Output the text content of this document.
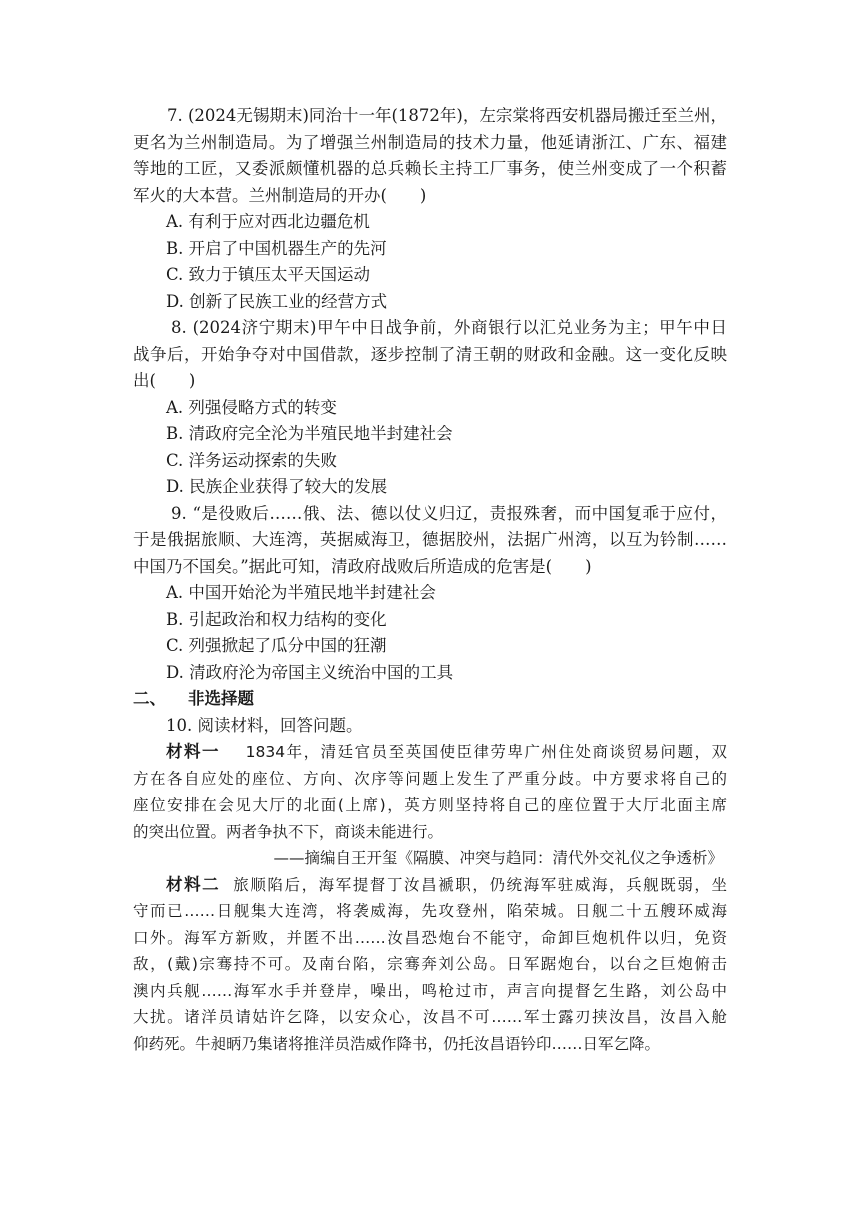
7. (2024无锡期末)同治十一年(1872年)，左宗棠将西安机器局搬迁至兰州，
更名为兰州制造局。为了增强兰州制造局的技术力量，他延请浙江、广东、福建
等地的工匠，又委派颇懂机器的总兵赖长主持工厂事务，使兰州变成了一个积蓄
军火的大本营。兰州制造局的开办(　　)
A. 有利于应对西北边疆危机
B. 开启了中国机器生产的先河
C. 致力于镇压太平天国运动
D. 创新了民族工业的经营方式
8. (2024济宁期末)甲午中日战争前，外商银行以汇兑业务为主；甲午中日
战争后，开始争夺对中国借款，逐步控制了清王朝的财政和金融。这一变化反映
出(　　)
A. 列强侵略方式的转变
B. 清政府完全沦为半殖民地半封建社会
C. 洋务运动探索的失败
D. 民族企业获得了较大的发展
9. “是役败后……俄、法、德以仗义归辽，责报殊奢，而中国复乖于应付，
于是俄据旅顺、大连湾，英据威海卫，德据胶州，法据广州湾，以互为钤制……
中国乃不国矣。”据此可知，清政府战败后所造成的危害是(　　)
A. 中国开始沦为半殖民地半封建社会
B. 引起政治和权力结构的变化
C. 列强掀起了瓜分中国的狂潮
D. 清政府沦为帝国主义统治中国的工具
二、 非选择题
10. 阅读材料，回答问题。
材料一 1834年，清廷官员至英国使臣律劳卑广州住处商谈贸易问题，双
方在各自应处的座位、方向、次序等问题上发生了严重分歧。中方要求将自己的
座位安排在会见大厅的北面(上席)，英方则坚持将自己的座位置于大厅北面主席
的突出位置。两者争执不下，商谈未能进行。
——摘编自王开玺《隔膜、冲突与趋同：清代外交礼仪之争透析》
材料二 旅顺陷后，海军提督丁汝昌褫职，仍统海军驻威海，兵舰既弱，坐
守而已……日舰集大连湾，将袭威海，先攻登州，陷荣城。日舰二十五艘环威海
口外。海军方新败，并匿不出……汝昌恐炮台不能守，命卸巨炮机件以归，免资
敌，(戴)宗骞持不可。及南台陷，宗骞奔刘公岛。日军踞炮台，以台之巨炮俯击
澳内兵舰……海军水手并登岸，噪出，鸣枪过市，声言向提督乞生路，刘公岛中
大扰。诸洋员请姑许乞降，以安众心，汝昌不可……军士露刃挟汝昌，汝昌入舱
仰药死。牛昶昞乃集诸将推洋员浩威作降书，仍托汝昌语钤印……日军乞降。
